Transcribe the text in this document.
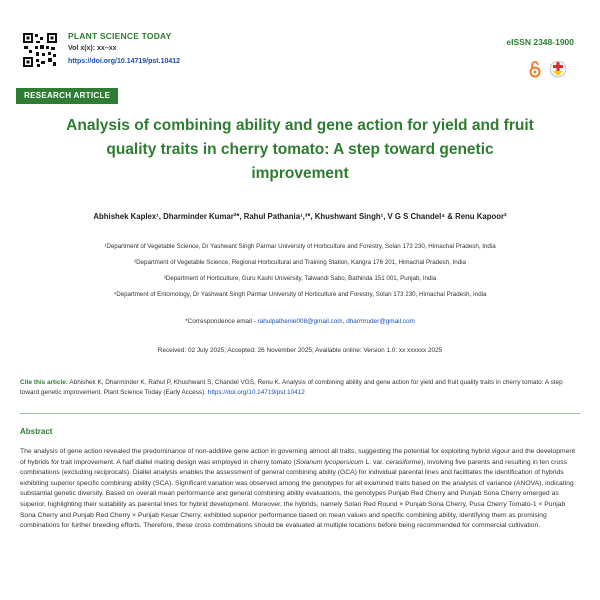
PLANT SCIENCE TODAY
Vol x(x): xx–xx
https://doi.org/10.14719/pst.10412
eISSN 2348-1900
RESEARCH ARTICLE
Analysis of combining ability and gene action for yield and fruit
quality traits in cherry tomato: A step toward genetic
improvement
Abhishek Kaplex¹, Dharminder Kumar²*, Rahul Pathania¹,³*, Khushwant Singh¹, V G S Chandel⁴ & Renu Kapoor²
¹Department of Vegetable Science, Dr Yashwant Singh Parmar University of Horticulture and Forestry, Solan 173 230, Himachal Pradesh, India
²Department of Vegetable Science, Regional Horticultural and Training Station, Kangra 176 201, Himachal Pradesh, India
³Department of Horticulture, Guru Kashi University, Talwandi Sabo, Bathinda 151 001, Punjab, India
⁴Department of Entomology, Dr Yashwant Singh Parmar University of Horticulture and Forestry, Solan 173 230, Himachal Pradesh, India
*Correspondence email - rahulpathenie008@gmail.com, dharmruder@gmail.com
Received: 02 July 2025; Accepted: 26 November 2025; Available online: Version 1.0: xx xxxxxx 2025
Cite this article: Abhishek K, Dharminder K, Rahul P, Khushwant S, Chandel VGS, Renu K. Analysis of combining ability and gene action for yield and fruit quality traits in cherry tomato: A step toward genetic improvement. Plant Science Today (Early Access). https://doi.org/10.14719/pst.10412
Abstract
The analysis of gene action revealed the predominance of non-additive gene action in governing almost all traits, suggesting the potential for exploiting hybrid vigour and the development of hybrids for trait improvement. A half diallel mating design was employed in cherry tomato (Solanum lycopersicum L. var. cerasiforme), involving five parents and resulting in ten cross combinations (excluding reciprocals). Diallel analysis enables the assessment of general combining ability (GCA) for individual parental lines and facilitates the identification of hybrids exhibiting superior specific combining ability (SCA). Significant variation was observed among the genotypes for all examined traits based on the analysis of variance (ANOVA), indicating substantial genetic diversity. Based on overall mean performance and general combining ability evaluations, the genotypes Punjab Red Cherry and Punjab Sona Cherry emerged as superior, highlighting their suitability as parental lines for hybrid development. Moreover, the hybrids, namely Solan Red Round × Punjab Sona Cherry, Pusa Cherry Tomato-1 × Punjab Sona Cherry and Punjab Red Cherry × Punjab Kesar Cherry, exhibited superior performance based on mean values and specific combining ability, identifying them as promising combinations for further breeding efforts. Therefore, these cross combinations should be evaluated at multiple locations before being recommended for commercial cultivation.
